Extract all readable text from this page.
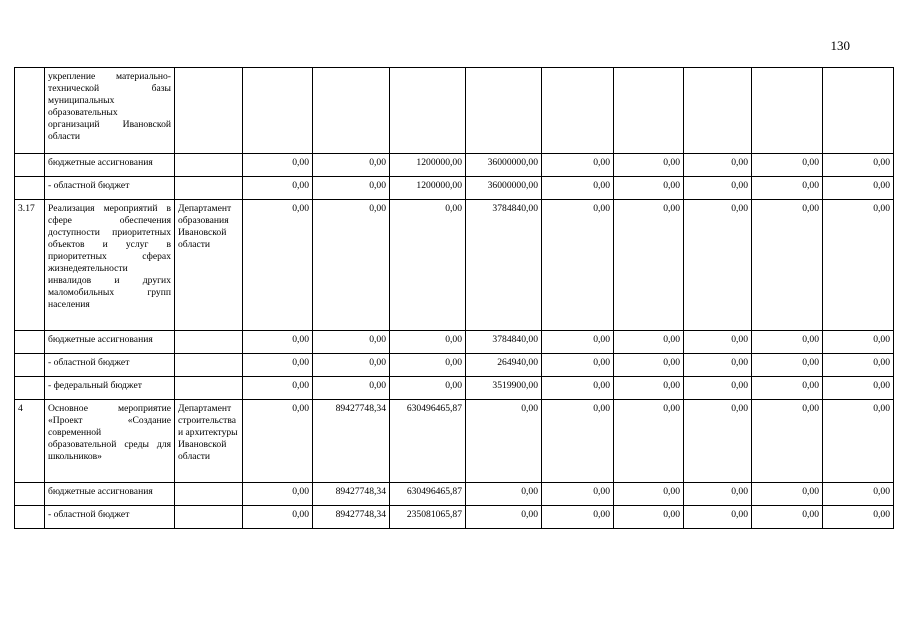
130
	укрепление материально-технической базы муниципальных образовательных организаций Ивановской области										
	бюджетные ассигнования		0,00	0,00	1200000,00	36000000,00	0,00	0,00	0,00	0,00	0,00
	- областной бюджет		0,00	0,00	1200000,00	36000000,00	0,00	0,00	0,00	0,00	0,00
3.17	Реализация мероприятий в сфере обеспечения доступности приоритетных объектов и услуг в приоритетных сферах жизнедеятельности инвалидов и других маломобильных групп населения	Департамент образования Ивановской области	0,00	0,00	0,00	3784840,00	0,00	0,00	0,00	0,00	0,00
	бюджетные ассигнования		0,00	0,00	0,00	3784840,00	0,00	0,00	0,00	0,00	0,00
	- областной бюджет		0,00	0,00	0,00	264940,00	0,00	0,00	0,00	0,00	0,00
	- федеральный бюджет		0,00	0,00	0,00	3519900,00	0,00	0,00	0,00	0,00	0,00
4	Основное мероприятие «Проект «Создание современной образовательной среды для школьников»	Департамент строительства и архитектуры Ивановской области	0,00	89427748,34	630496465,87	0,00	0,00	0,00	0,00	0,00	0,00
	бюджетные ассигнования		0,00	89427748,34	630496465,87	0,00	0,00	0,00	0,00	0,00	0,00
	- областной бюджет		0,00	89427748,34	235081065,87	0,00	0,00	0,00	0,00	0,00	0,00
